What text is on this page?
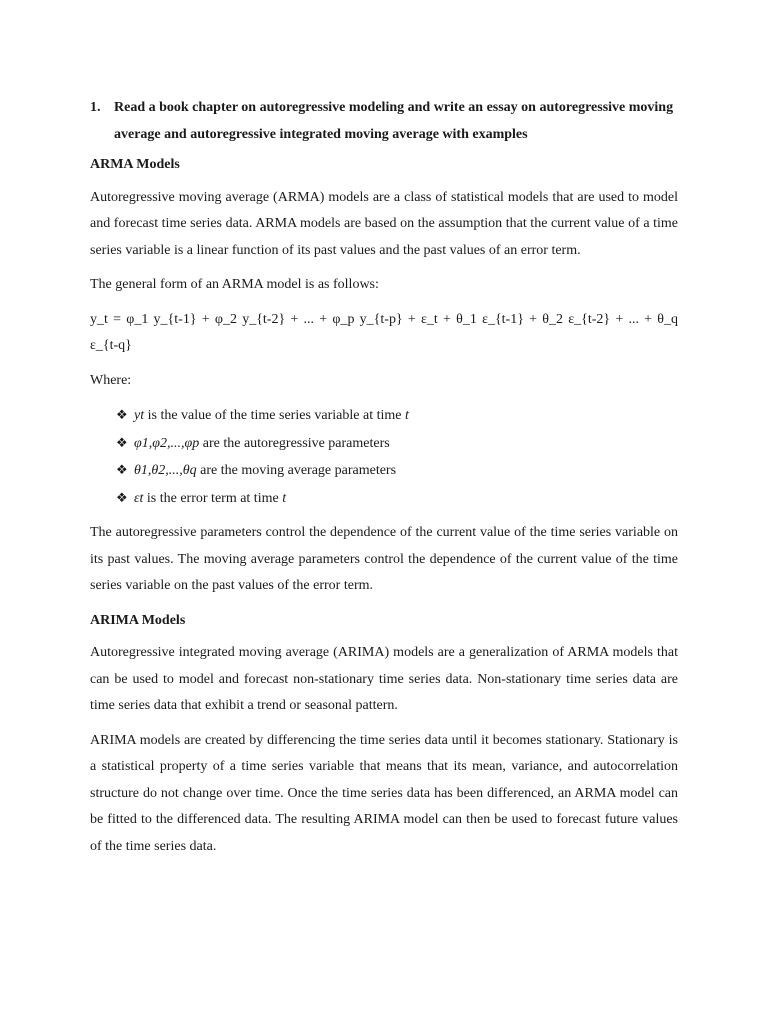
1. Read a book chapter on autoregressive modeling and write an essay on autoregressive moving average and autoregressive integrated moving average with examples
ARMA Models

Autoregressive moving average (ARMA) models are a class of statistical models that are used to model and forecast time series data. ARMA models are based on the assumption that the current value of a time series variable is a linear function of its past values and the past values of an error term.

The general form of an ARMA model is as follows:

y_t = φ_1 y_{t-1} + φ_2 y_{t-2} + ... + φ_p y_{t-p} + ε_t + θ_1 ε_{t-1} + θ_2 ε_{t-2} + ... + θ_q ε_{t-q}

Where:

❖ yt is the value of the time series variable at time t
❖ φ1,φ2,...,φp are the autoregressive parameters
❖ θ1,θ2,...,θq are the moving average parameters
❖ εt is the error term at time t

The autoregressive parameters control the dependence of the current value of the time series variable on its past values. The moving average parameters control the dependence of the current value of the time series variable on the past values of the error term.

ARIMA Models

Autoregressive integrated moving average (ARIMA) models are a generalization of ARMA models that can be used to model and forecast non-stationary time series data. Non-stationary time series data are time series data that exhibit a trend or seasonal pattern.

ARIMA models are created by differencing the time series data until it becomes stationary. Stationary is a statistical property of a time series variable that means that its mean, variance, and autocorrelation structure do not change over time. Once the time series data has been differenced, an ARMA model can be fitted to the differenced data. The resulting ARIMA model can then be used to forecast future values of the time series data.
